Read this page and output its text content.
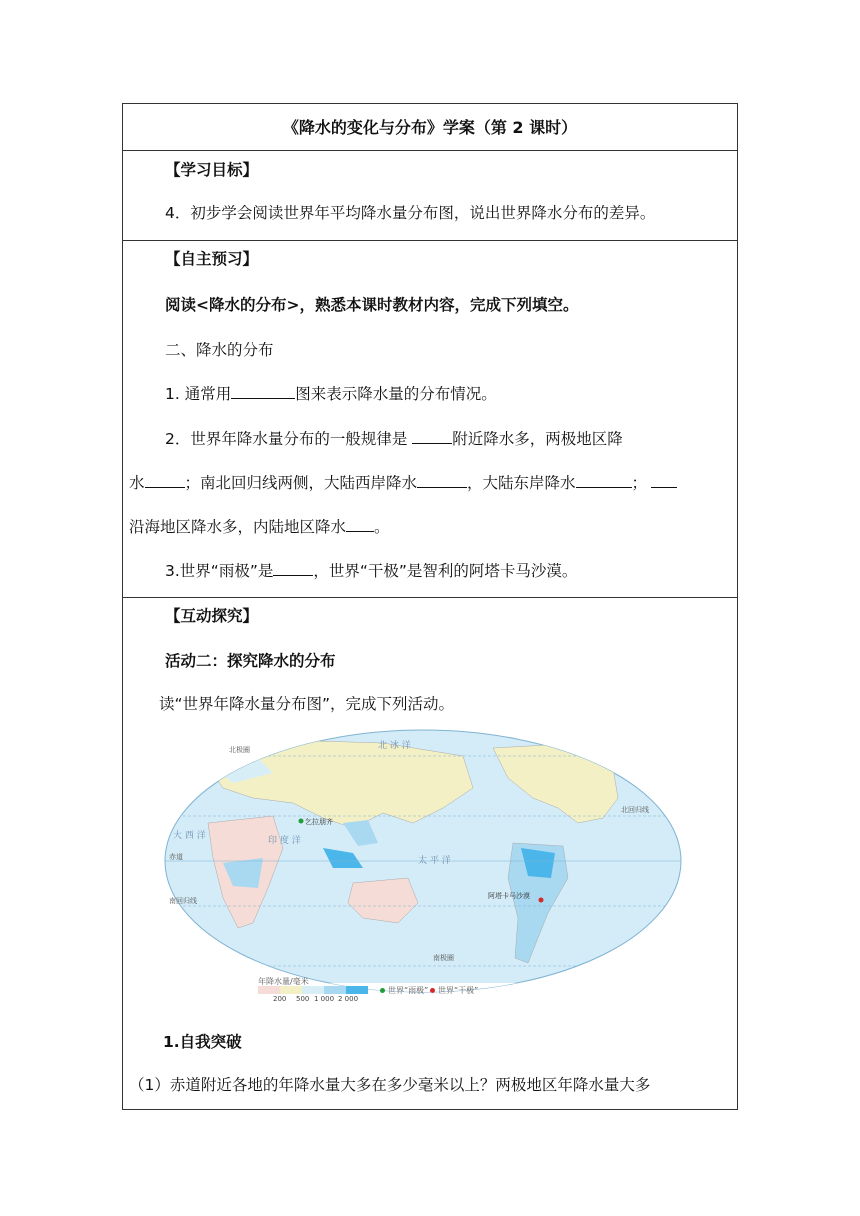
《降水的变化与分布》学案（第 2 课时）
【学习目标】
4．初步学会阅读世界年平均降水量分布图，说出世界降水分布的差异。
【自主预习】
阅读<降水的分布>，熟悉本课时教材内容，完成下列填空。
二、降水的分布
1. 通常用	图来表示降水量的分布情况。
2．世界年降水量分布的一般规律是	附近降水多，两极地区降
水	；南北回归线两侧，大陆西岸降水	，大陆东岸降水	；
沿海地区降水多，内陆地区降水 。
3.世界“雨极”是	，世界“干极”是智利的阿塔卡马沙漠。
【互动探究】
活动二：探究降水的分布
读“世界年降水量分布图”，完成下列活动。
北极圈	北 冰 洋
北回归线
赤道
南回归线
南极圈
太 平 洋
大 西 洋	印 度 洋
乞拉朋齐
阿塔卡马沙漠
年降水量/毫米
200 500 1 000 2 000
世界“雨极” 世界“干极”
1.自我突破
（1）赤道附近各地的年降水量大多在多少毫米以上？两极地区年降水量大多
